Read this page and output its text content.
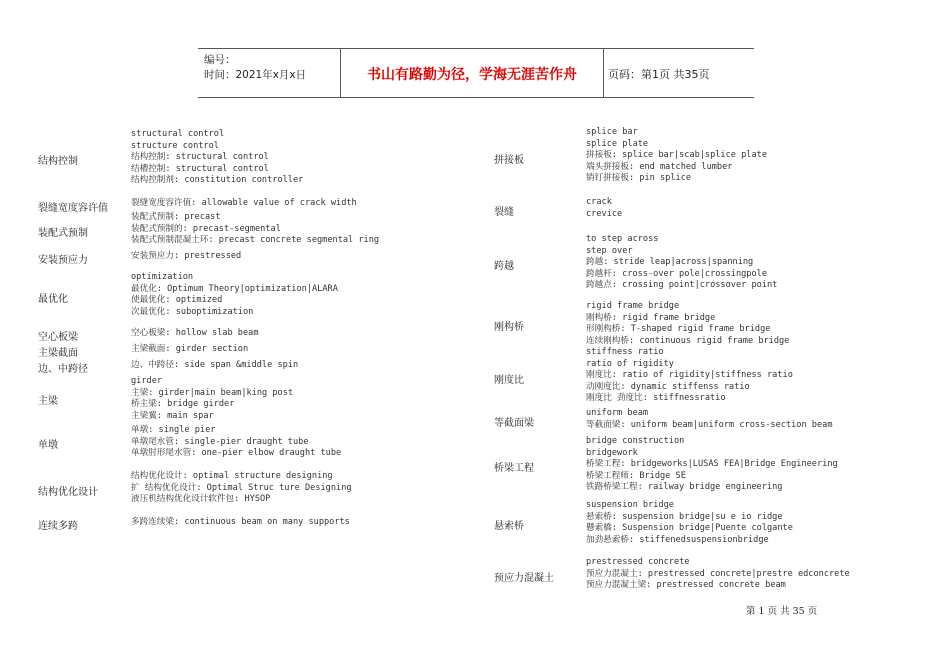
编号：
时间：2021年x月x日	书山有路勤为径，学海无涯苦作舟	页码：第1页 共35页
结构控制
structural control
structure control
结构控制: structural control
结槽控制: structural control
结构控制剂: constitution controller
裂缝宽度容许值	裂缝宽度容许值: allowable value of crack width
装配式预制
装配式预制: precast
装配式预制的: precast-segmental
装配式预制混凝土环: precast concrete segmental ring
安装预应力	安装预应力: prestressed
最优化
optimization
最优化: Optimum Theory|optimization|ALARA
使最优化: optimized
次最优化: suboptimization
空心板梁	空心板梁: hollow slab beam
主梁截面	主梁截面: girder section
边、中跨径	边、中跨径: side span &middle spin
主梁
girder
主梁: girder|main beam|king post
桥主梁: bridge girder
主梁翼: main spar
单墩
单墩: single pier
单墩尾水管: single-pier draught tube
单墩肘形尾水管: one-pier elbow draught tube
结构优化设计
结构优化设计: optimal structure designing
扩 结构优化设计: Optimal Struc ture Designing
液压机结构优化设计软件包: HYSOP
连续多跨	多跨连续梁: continuous beam on many supports
拼接板
splice bar
splice plate
拼接板: splice bar|scab|splice plate
端头拼接板: end matched lumber
销钉拼接板: pin splice
裂缝
crack
crevice
跨越
to step across
step over
跨越: stride leap|across|spanning
跨越杆: cross-over pole|crossingpole
跨越点: crossing point|crossover point
刚构桥
rigid frame bridge
刚构桥: rigid frame bridge
形刚构桥: T-shaped rigid frame bridge
连续刚构桥: continuous rigid frame bridge
刚度比
stiffness ratio
ratio of rigidity
刚度比: ratio of rigidity|stiffness ratio
动刚度比: dynamic stiffenss ratio
刚度比 劲度比: stiffnessratio
等截面梁
uniform beam
等截面梁: uniform beam|uniform cross-section beam
桥梁工程
bridge construction
bridgework
桥梁工程: bridgeworks|LUSAS FEA|Bridge Engineering
桥梁工程师: Bridge SE
铁路桥梁工程: railway bridge engineering
悬索桥
suspension bridge
悬索桥: suspension bridge|su e io ridge
懸索橋: Suspension bridge|Puente colgante
加劲悬索桥: stiffenedsuspensionbridge
预应力混凝土
prestressed concrete
预应力混凝土: prestressed concrete|prestre edconcrete
预应力混凝土梁: prestressed concrete beam
第 1 页 共 35 页
